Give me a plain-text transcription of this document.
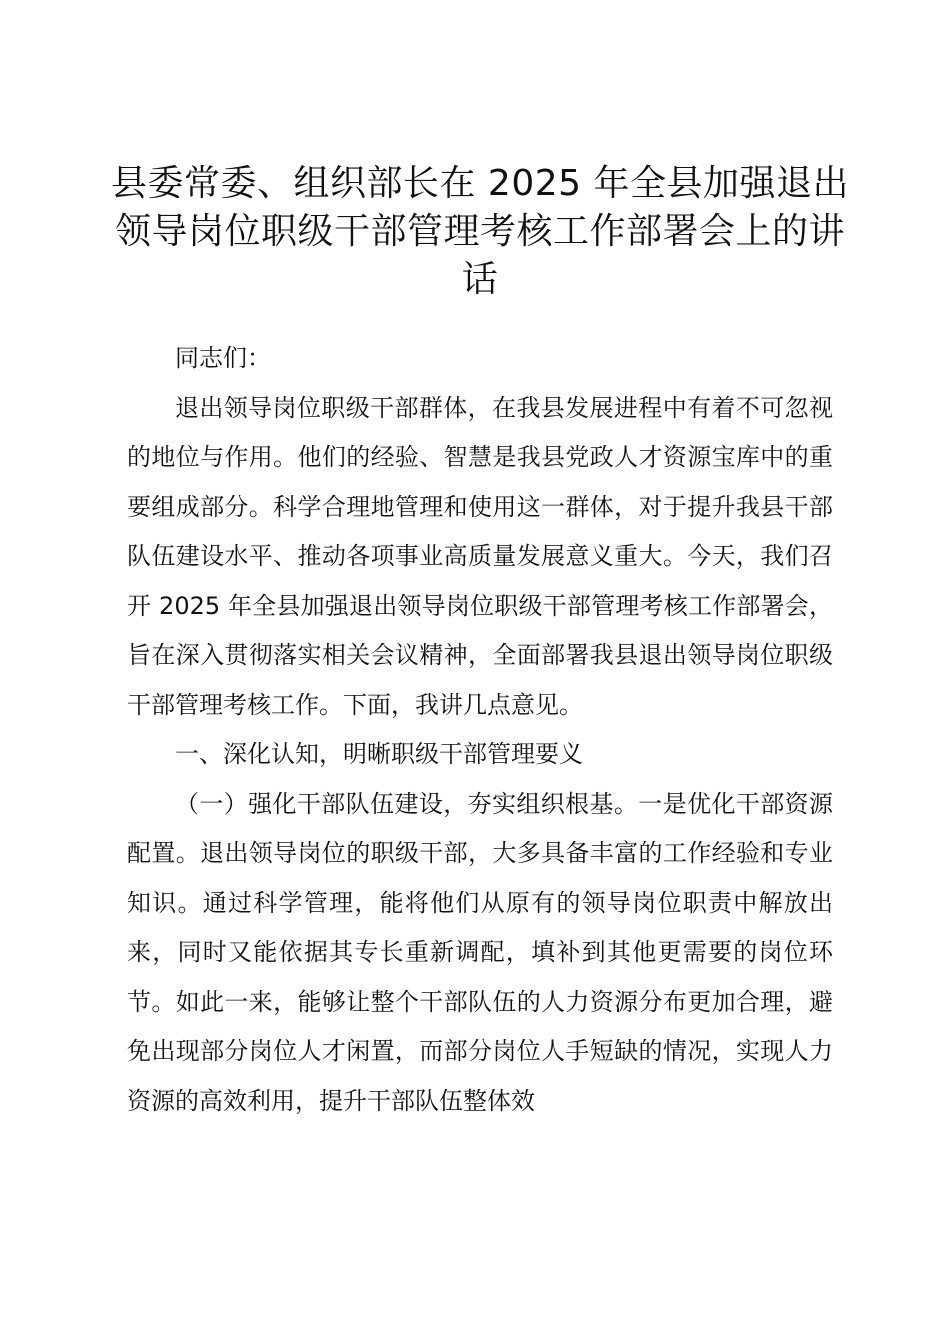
县委常委、组织部长在 2025 年全县加强退出
领导岗位职级干部管理考核工作部署会上的讲
话

同志们：

退出领导岗位职级干部群体，在我县发展进程中有着不可忽视的地位与作用。他们的经验、智慧是我县党政人才资源宝库中的重要组成部分。科学合理地管理和使用这一群体，对于提升我县干部队伍建设水平、推动各项事业高质量发展意义重大。今天，我们召开 2025 年全县加强退出领导岗位职级干部管理考核工作部署会，旨在深入贯彻落实相关会议精神，全面部署我县退出领导岗位职级干部管理考核工作。下面，我讲几点意见。

一、深化认知，明晰职级干部管理要义

（一）强化干部队伍建设，夯实组织根基。一是优化干部资源配置。退出领导岗位的职级干部，大多具备丰富的工作经验和专业知识。通过科学管理，能将他们从原有的领导岗位职责中解放出来，同时又能依据其专长重新调配，填补到其他更需要的岗位环节。如此一来，能够让整个干部队伍的人力资源分布更加合理，避免出现部分岗位人才闲置，而部分岗位人手短缺的情况，实现人力资源的高效利用，提升干部队伍整体效
